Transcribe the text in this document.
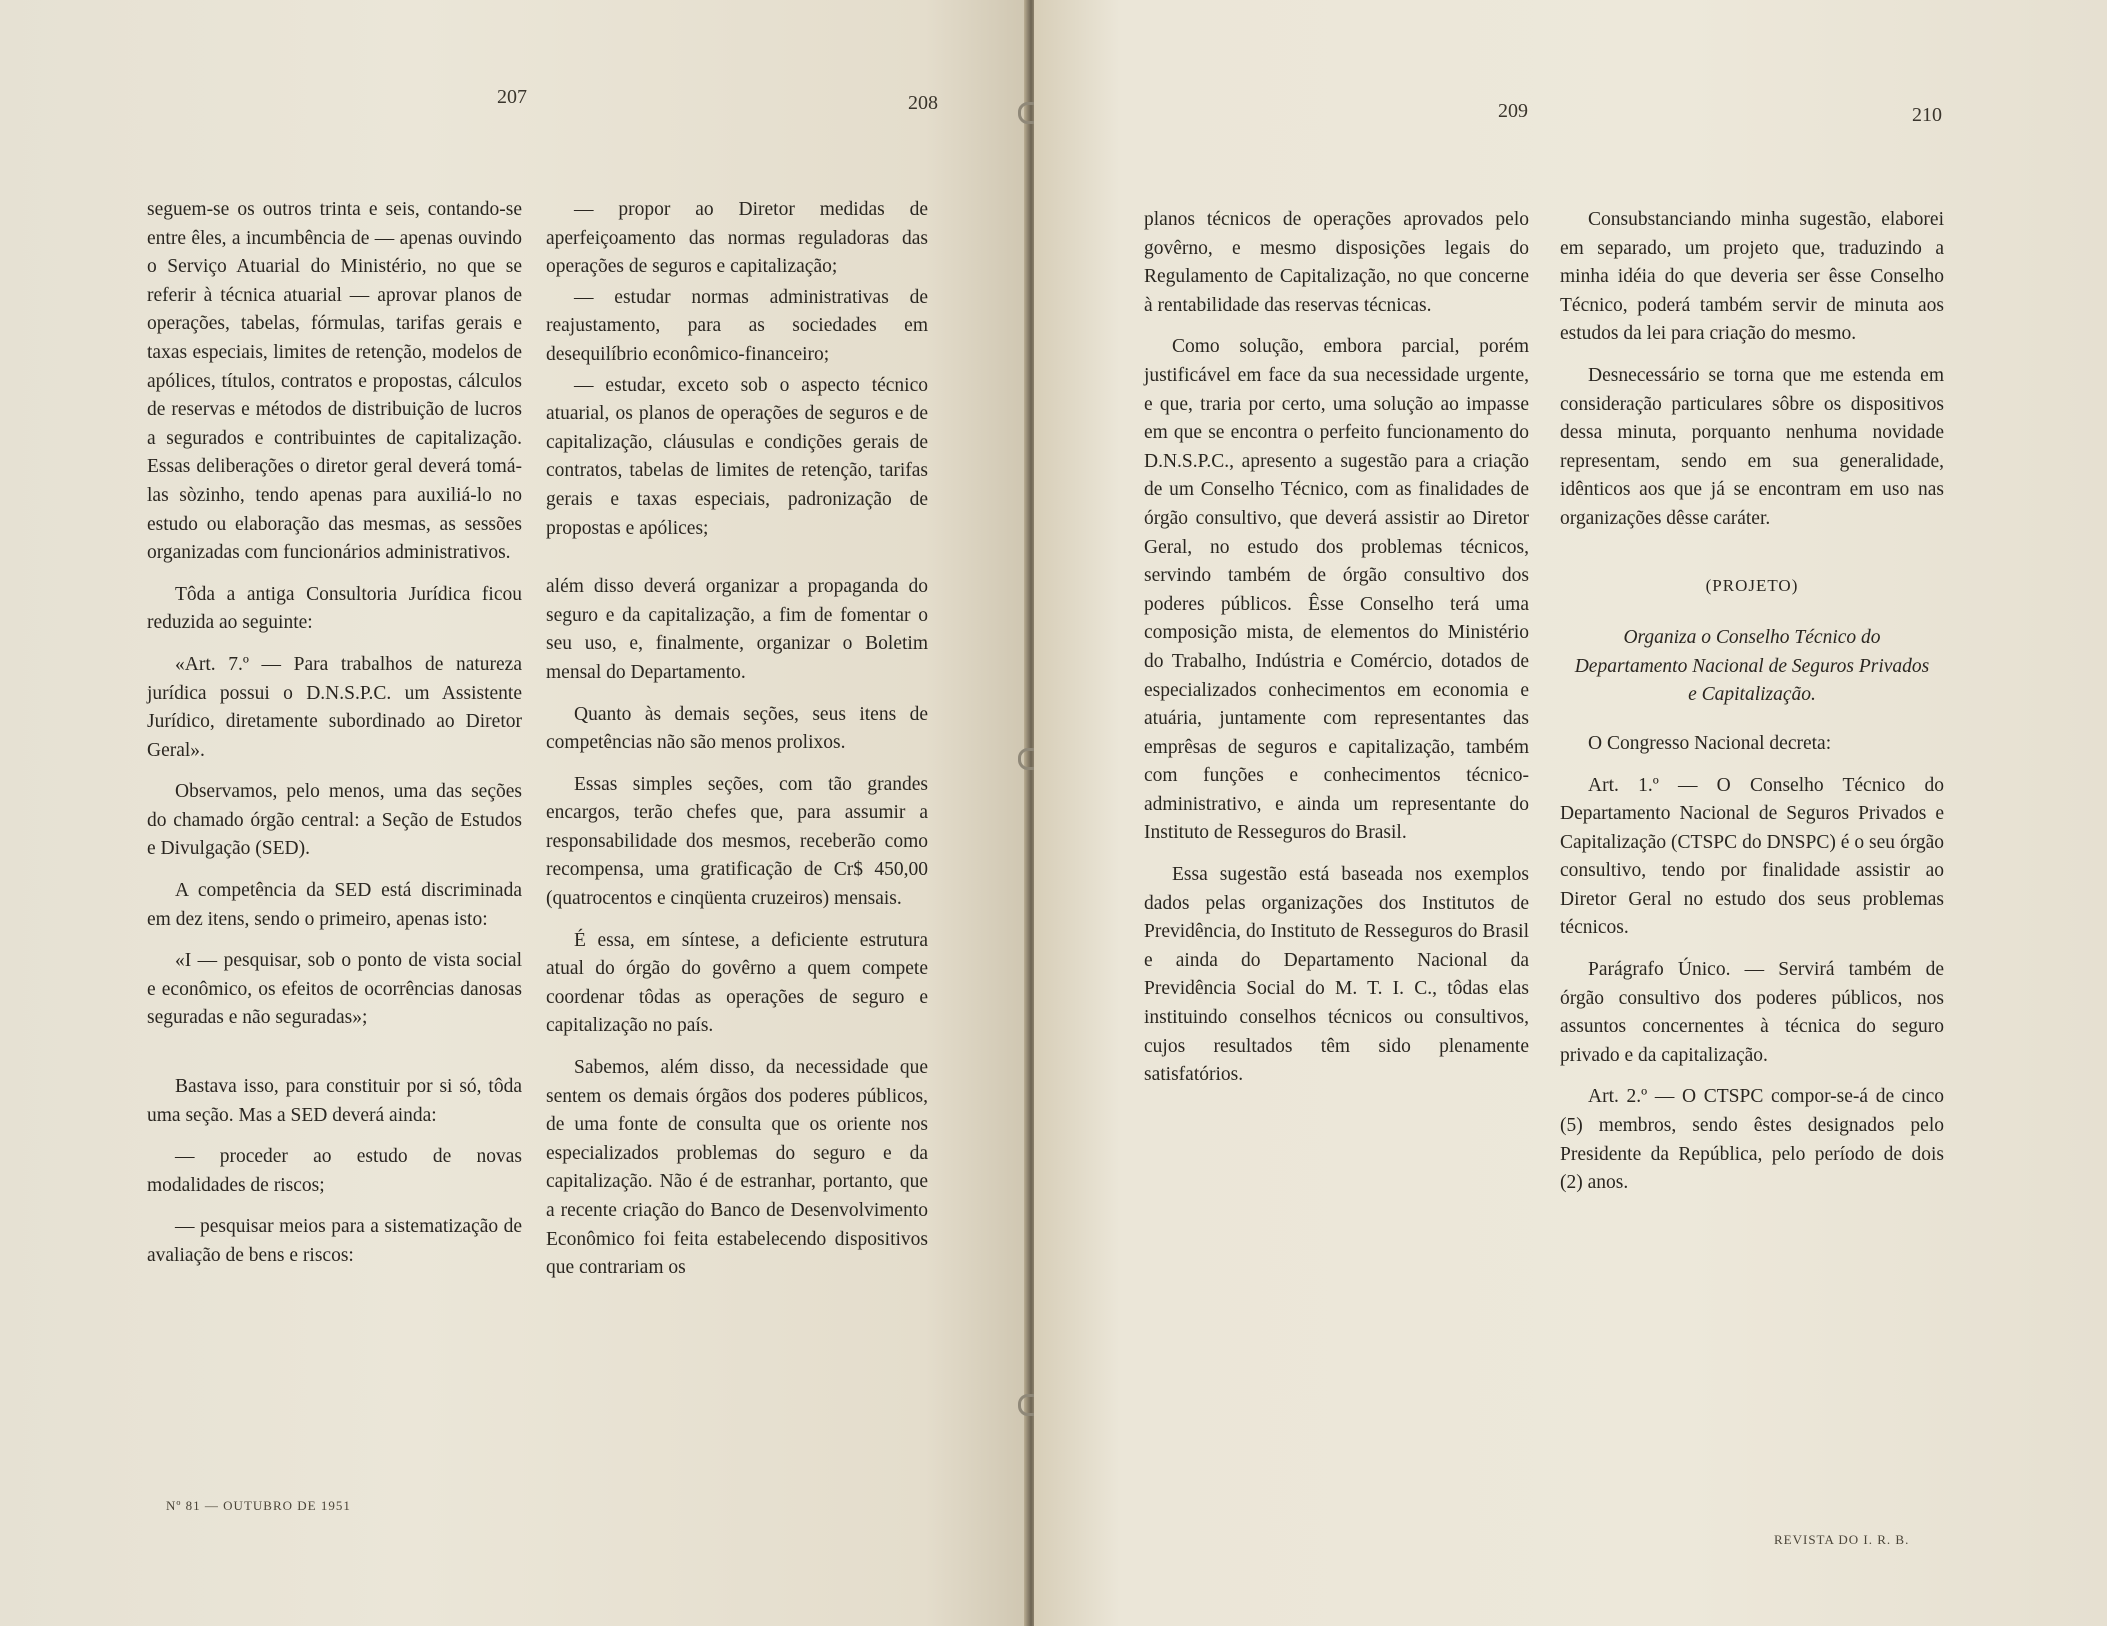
207	208

seguem-se os outros trinta e seis, contando-se entre êles, a incumbência de — apenas ouvindo o Serviço Atuarial do Ministério, no que se referir à técnica atuarial — aprovar planos de operações, tabelas, fórmulas, tarifas gerais e taxas especiais, limites de retenção, modelos de apólices, títulos, contratos e propostas, cálculos de reservas e métodos de distribuição de lucros a segurados e contribuintes de capitalização. Essas deliberações o diretor geral deverá tomá-las sòzinho, tendo apenas para auxiliá-lo no estudo ou elaboração das mesmas, as sessões organizadas com funcionários administrativos.

Tôda a antiga Consultoria Jurídica ficou reduzida ao seguinte:

«Art. 7.º — Para trabalhos de natureza jurídica possui o D.N.S.P.C. um Assistente Jurídico, diretamente subordinado ao Diretor Geral».

Observamos, pelo menos, uma das seções do chamado órgão central: a Seção de Estudos e Divulgação (SED).

A competência da SED está discriminada em dez itens, sendo o primeiro, apenas isto:

«I — pesquisar, sob o ponto de vista social e econômico, os efeitos de ocorrências danosas seguradas e não seguradas»;

Bastava isso, para constituir por si só, tôda uma seção. Mas a SED deverá ainda:

— proceder ao estudo de novas modalidades de riscos;

— pesquisar meios para a sistematização de avaliação de bens e riscos:

— propor ao Diretor medidas de aperfeiçoamento das normas reguladoras das operações de seguros e capitalização;

— estudar normas administrativas de reajustamento, para as sociedades em desequilíbrio econômico-financeiro;

— estudar, exceto sob o aspecto técnico atuarial, os planos de operações de seguros e de capitalização, cláusulas e condições gerais de contratos, tabelas de limites de retenção, tarifas gerais e taxas especiais, padronização de propostas e apólices;

além disso deverá organizar a propaganda do seguro e da capitalização, a fim de fomentar o seu uso, e, finalmente, organizar o Boletim mensal do Departamento.

Quanto às demais seções, seus itens de competências não são menos prolixos.

Essas simples seções, com tão grandes encargos, terão chefes que, para assumir a responsabilidade dos mesmos, receberão como recompensa, uma gratificação de Cr$ 450,00 (quatrocentos e cinqüenta cruzeiros) mensais.

É essa, em síntese, a deficiente estrutura atual do órgão do govêrno a quem compete coordenar tôdas as operações de seguro e capitalização no país.

Sabemos, além disso, da necessidade que sentem os demais órgãos dos poderes públicos, de uma fonte de consulta que os oriente nos especializados problemas do seguro e da capitalização. Não é de estranhar, portanto, que a recente criação do Banco de Desenvolvimento Econômico foi feita estabelecendo dispositivos que contrariam os

Nº 81 — OUTUBRO DE 1951
209	210

planos técnicos de operações aprovados pelo govêrno, e mesmo disposições legais do Regulamento de Capitalização, no que concerne à rentabilidade das reservas técnicas.

Como solução, embora parcial, porém justificável em face da sua necessidade urgente, e que, traria por certo, uma solução ao impasse em que se encontra o perfeito funcionamento do D.N.S.P.C., apresento a sugestão para a criação de um Conselho Técnico, com as finalidades de órgão consultivo, que deverá assistir ao Diretor Geral, no estudo dos problemas técnicos, servindo também de órgão consultivo dos poderes públicos. Êsse Conselho terá uma composição mista, de elementos do Ministério do Trabalho, Indústria e Comércio, dotados de especializados conhecimentos em economia e atuária, juntamente com representantes das emprêsas de seguros e capitalização, também com funções e conhecimentos técnico-administrativo, e ainda um representante do Instituto de Resseguros do Brasil.

Essa sugestão está baseada nos exemplos dados pelas organizações dos Institutos de Previdência, do Instituto de Resseguros do Brasil e ainda do Departamento Nacional da Previdência Social do M. T. I. C., tôdas elas instituindo conselhos técnicos ou consultivos, cujos resultados têm sido plenamente satisfatórios.

Consubstanciando minha sugestão, elaborei em separado, um projeto que, traduzindo a minha idéia do que deveria ser êsse Conselho Técnico, poderá também servir de minuta aos estudos da lei para criação do mesmo.

Desnecessário se torna que me estenda em consideração particulares sôbre os dispositivos dessa minuta, porquanto nenhuma novidade representam, sendo em sua generalidade, idênticos aos que já se encontram em uso nas organizações dêsse caráter.

(PROJETO)

Organiza o Conselho Técnico do Departamento Nacional de Seguros Privados e Capitalização.

O Congresso Nacional decreta:

Art. 1.º — O Conselho Técnico do Departamento Nacional de Seguros Privados e Capitalização (CTSPC do DNSPC) é o seu órgão consultivo, tendo por finalidade assistir ao Diretor Geral no estudo dos seus problemas técnicos.

Parágrafo Único. — Servirá também de órgão consultivo dos poderes públicos, nos assuntos concernentes à técnica do seguro privado e da capitalização.

Art. 2.º — O CTSPC compor-se-á de cinco (5) membros, sendo êstes designados pelo Presidente da República, pelo período de dois (2) anos.

REVISTA DO I. R. B.
